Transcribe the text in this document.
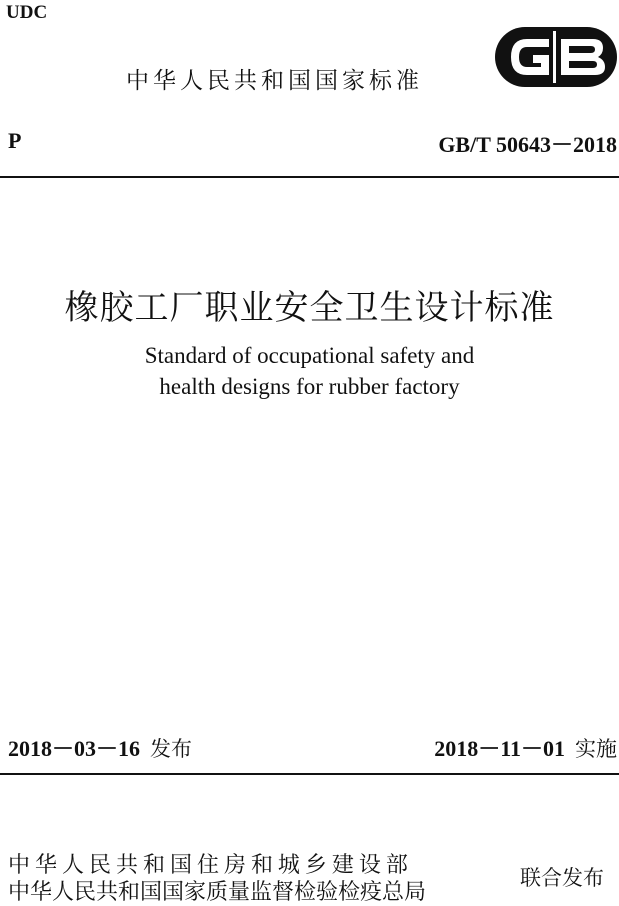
UDC
中华人民共和国国家标准
P	GB/T 50643－2018
橡胶工厂职业安全卫生设计标准
Standard of occupational safety and
health designs for rubber factory
2018－03－16 发布	2018－11－01 实施
中 华 人 民 共 和 国 住 房 和 城 乡 建 设 部
中华人民共和国国家质量监督检验检疫总局
联合发布
